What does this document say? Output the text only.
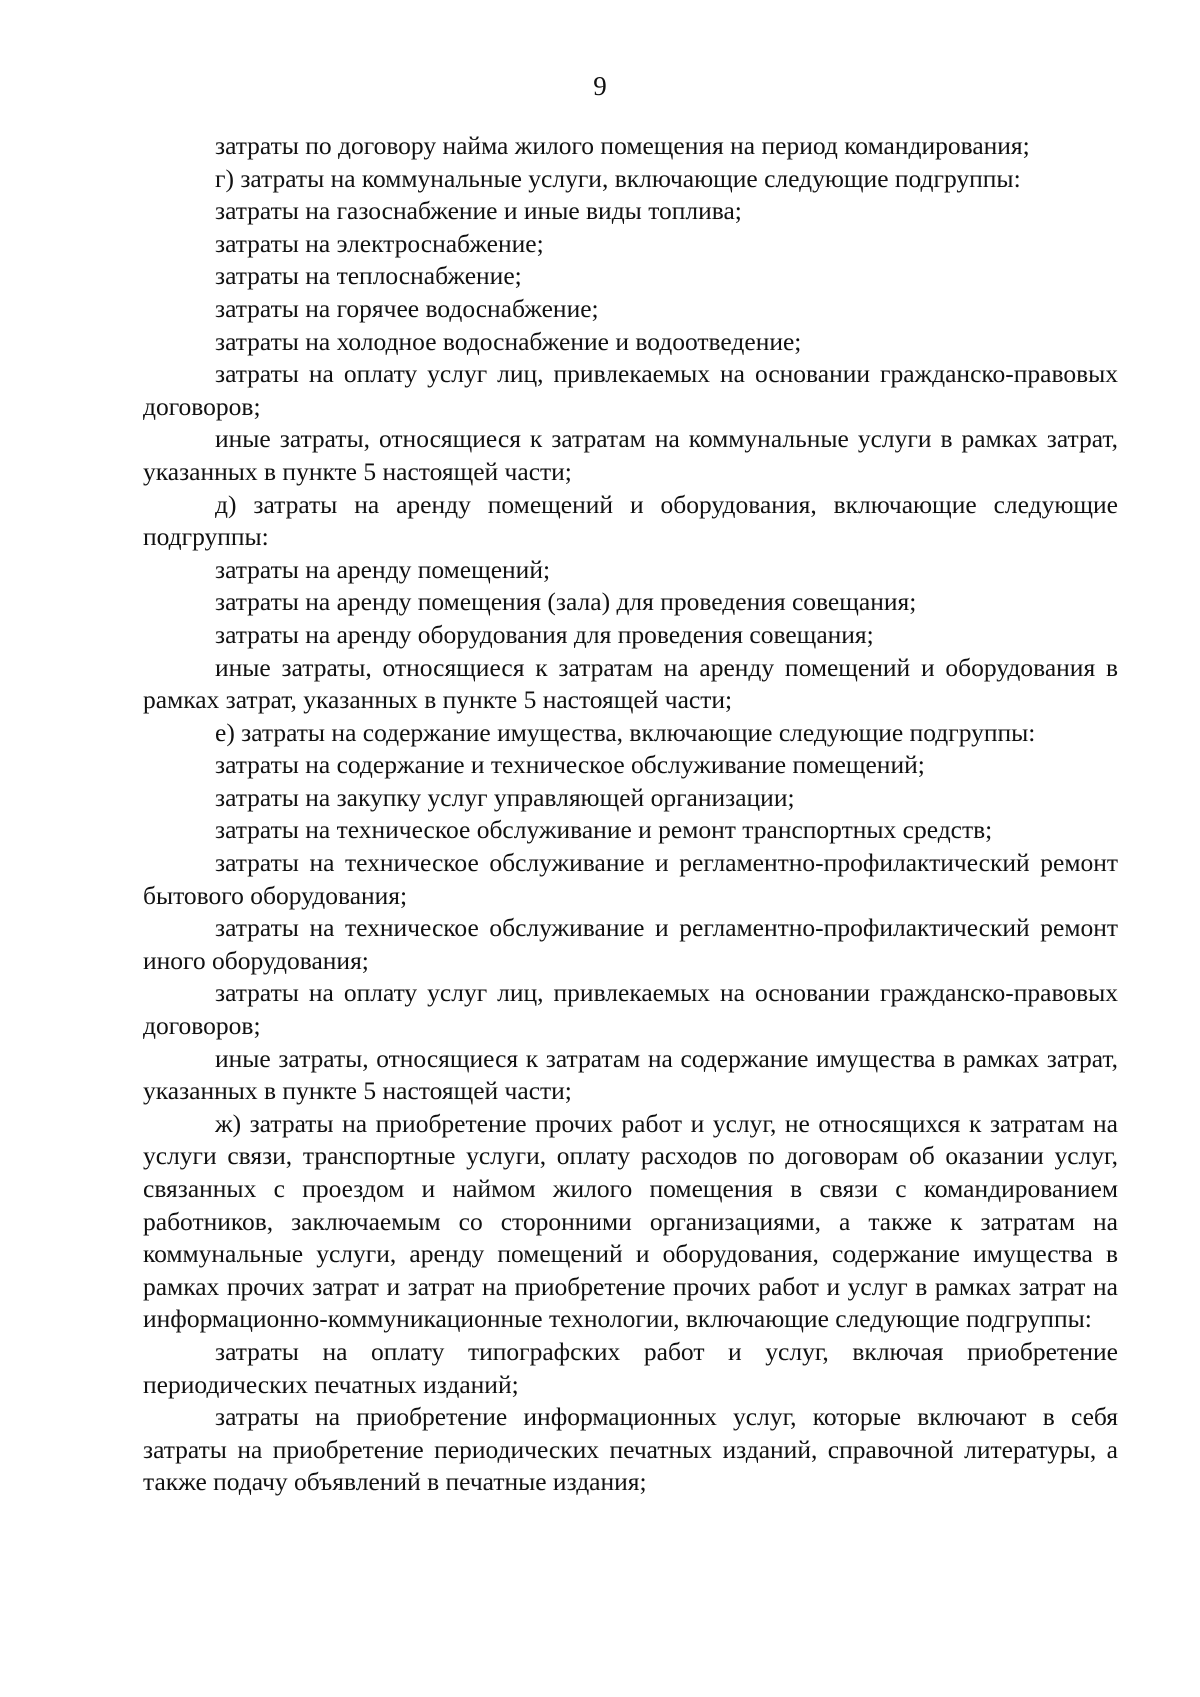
9

затраты по договору найма жилого помещения на период командирования;

г) затраты на коммунальные услуги, включающие следующие подгруппы:

затраты на газоснабжение и иные виды топлива;

затраты на электроснабжение;

затраты на теплоснабжение;

затраты на горячее водоснабжение;

затраты на холодное водоснабжение и водоотведение;

затраты на оплату услуг лиц, привлекаемых на основании гражданско-правовых договоров;

иные затраты, относящиеся к затратам на коммунальные услуги в рамках затрат, указанных в пункте 5 настоящей части;

д) затраты на аренду помещений и оборудования, включающие следующие подгруппы:

затраты на аренду помещений;

затраты на аренду помещения (зала) для проведения совещания;

затраты на аренду оборудования для проведения совещания;

иные затраты, относящиеся к затратам на аренду помещений и оборудования в рамках затрат, указанных в пункте 5 настоящей части;

е) затраты на содержание имущества, включающие следующие подгруппы:

затраты на содержание и техническое обслуживание помещений;

затраты на закупку услуг управляющей организации;

затраты на техническое обслуживание и ремонт транспортных средств;

затраты на техническое обслуживание и регламентно-профилактический ремонт бытового оборудования;

затраты на техническое обслуживание и регламентно-профилактический ремонт иного оборудования;

затраты на оплату услуг лиц, привлекаемых на основании гражданско-правовых договоров;

иные затраты, относящиеся к затратам на содержание имущества в рамках затрат, указанных в пункте 5 настоящей части;

ж) затраты на приобретение прочих работ и услуг, не относящихся к затратам на услуги связи, транспортные услуги, оплату расходов по договорам об оказании услуг, связанных с проездом и наймом жилого помещения в связи с командированием работников, заключаемым со сторонними организациями, а также к затратам на коммунальные услуги, аренду помещений и оборудования, содержание имущества в рамках прочих затрат и затрат на приобретение прочих работ и услуг в рамках затрат на информационно-коммуникационные технологии, включающие следующие подгруппы:

затраты на оплату типографских работ и услуг, включая приобретение периодических печатных изданий;

затраты на приобретение информационных услуг, которые включают в себя затраты на приобретение периодических печатных изданий, справочной литературы, а также подачу объявлений в печатные издания;
